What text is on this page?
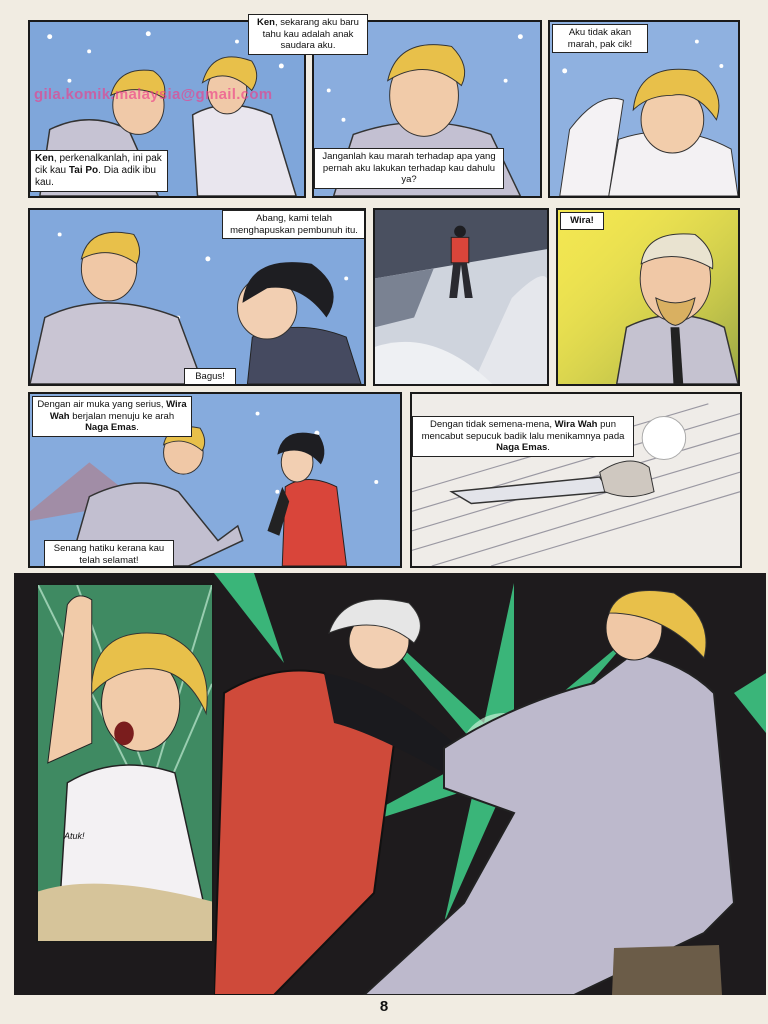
gila.komik.malaysia@gmail.com
Ken, perkenalkanlah, ini pak cik kau Tai Po. Dia adik ibu kau.
Janganlah kau marah terhadap apa yang pernah aku lakukan terhadap kau dahulu ya?
Ken, sekarang aku baru tahu kau adalah anak saudara aku.
Aku tidak akan marah, pak cik!
Abang, kami telah menghapuskan pembunuh itu.
Bagus!
Wira!
Dengan air muka yang serius, Wira Wah berjalan menuju ke arah Naga Emas.
Senang hatiku kerana kau telah selamat!
Dengan tidak semena-mena, Wira Wah pun mencabut sepucuk badik lalu menikamnya pada Naga Emas.
Atuk!
8
